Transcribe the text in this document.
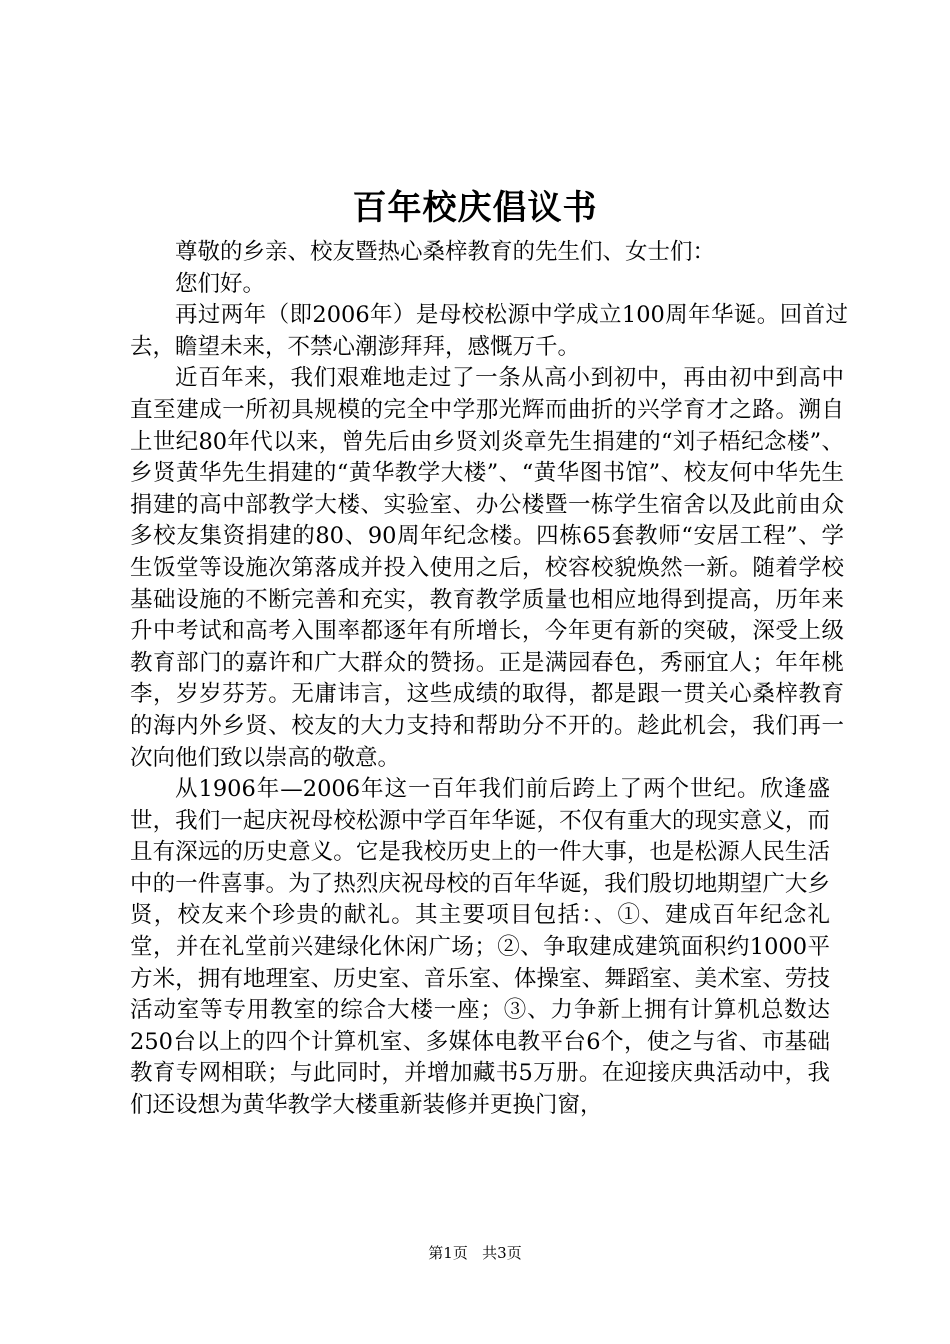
百年校庆倡议书

尊敬的乡亲、校友暨热心桑梓教育的先生们、女士们：

您们好。

再过两年（即2006年）是母校松源中学成立100周年华诞。回首过去，瞻望未来，不禁心潮澎拜拜，感慨万千。

近百年来，我们艰难地走过了一条从高小到初中，再由初中到高中直至建成一所初具规模的完全中学那光辉而曲折的兴学育才之路。溯自上世纪80年代以来，曾先后由乡贤刘炎章先生捐建的“刘子梧纪念楼”、乡贤黄华先生捐建的“黄华教学大楼”、“黄华图书馆”、校友何中华先生捐建的高中部教学大楼、实验室、办公楼暨一栋学生宿舍以及此前由众多校友集资捐建的80、90周年纪念楼。四栋65套教师“安居工程”、学生饭堂等设施次第落成并投入使用之后，校容校貌焕然一新。随着学校基础设施的不断完善和充实，教育教学质量也相应地得到提高，历年来升中考试和高考入围率都逐年有所增长，今年更有新的突破，深受上级教育部门的嘉许和广大群众的赞扬。正是满园春色，秀丽宜人；年年桃李，岁岁芬芳。无庸讳言，这些成绩的取得，都是跟一贯关心桑梓教育的海内外乡贤、校友的大力支持和帮助分不开的。趁此机会，我们再一次向他们致以崇高的敬意。

从1906年—2006年这一百年我们前后跨上了两个世纪。欣逢盛世，我们一起庆祝母校松源中学百年华诞，不仅有重大的现实意义，而且有深远的历史意义。它是我校历史上的一件大事，也是松源人民生活中的一件喜事。为了热烈庆祝母校的百年华诞，我们殷切地期望广大乡贤，校友来个珍贵的献礼。其主要项目包括：、①、建成百年纪念礼堂，并在礼堂前兴建绿化休闲广场；②、争取建成建筑面积约1000平方米，拥有地理室、历史室、音乐室、体操室、舞蹈室、美术室、劳技活动室等专用教室的综合大楼一座；③、力争新上拥有计算机总数达250台以上的四个计算机室、多媒体电教平台6个，使之与省、市基础教育专网相联；与此同时，并增加藏书5万册。在迎接庆典活动中，我们还设想为黄华教学大楼重新装修并更换门窗，

第1页 共3页
